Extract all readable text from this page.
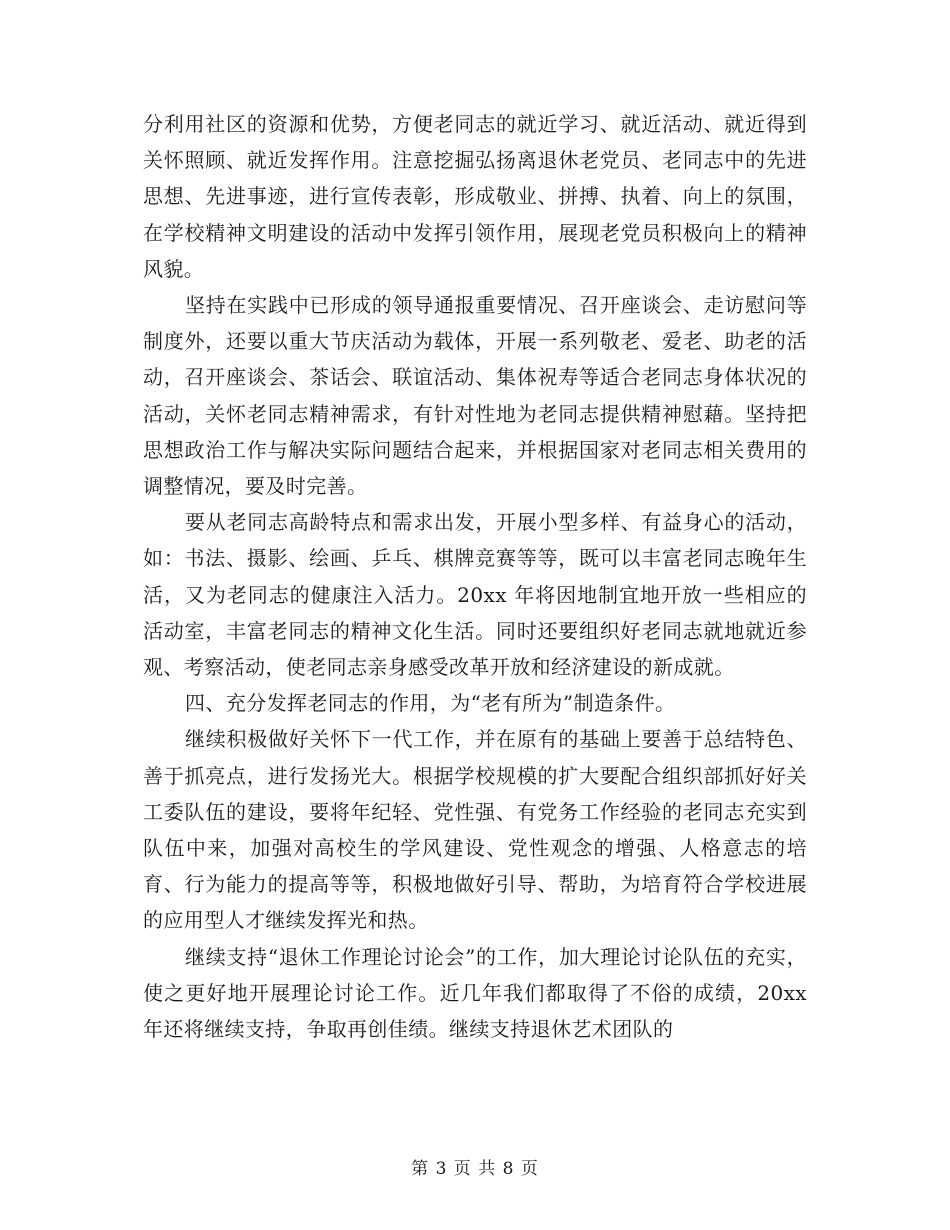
分利用社区的资源和优势，方便老同志的就近学习、就近活动、就近得到关怀照顾、就近发挥作用。注意挖掘弘扬离退休老党员、老同志中的先进思想、先进事迹，进行宣传表彰，形成敬业、拼搏、执着、向上的氛围，在学校精神文明建设的活动中发挥引领作用，展现老党员积极向上的精神风貌。

坚持在实践中已形成的领导通报重要情况、召开座谈会、走访慰问等制度外，还要以重大节庆活动为载体，开展一系列敬老、爱老、助老的活动，召开座谈会、茶话会、联谊活动、集体祝寿等适合老同志身体状况的活动，关怀老同志精神需求，有针对性地为老同志提供精神慰藉。坚持把思想政治工作与解决实际问题结合起来，并根据国家对老同志相关费用的调整情况，要及时完善。

要从老同志高龄特点和需求出发，开展小型多样、有益身心的活动，如：书法、摄影、绘画、乒乓、棋牌竞赛等等，既可以丰富老同志晚年生活，又为老同志的健康注入活力。20xx 年将因地制宜地开放一些相应的活动室，丰富老同志的精神文化生活。同时还要组织好老同志就地就近参观、考察活动，使老同志亲身感受改革开放和经济建设的新成就。

四、充分发挥老同志的作用，为“老有所为”制造条件。

继续积极做好关怀下一代工作，并在原有的基础上要善于总结特色、善于抓亮点，进行发扬光大。根据学校规模的扩大要配合组织部抓好好关工委队伍的建设，要将年纪轻、党性强、有党务工作经验的老同志充实到队伍中来，加强对高校生的学风建设、党性观念的增强、人格意志的培育、行为能力的提高等等，积极地做好引导、帮助，为培育符合学校进展的应用型人才继续发挥光和热。

继续支持“退休工作理论讨论会”的工作，加大理论讨论队伍的充实，使之更好地开展理论讨论工作。近几年我们都取得了不俗的成绩，20xx 年还将继续支持，争取再创佳绩。继续支持退休艺术团队的

第 3 页 共 8 页
